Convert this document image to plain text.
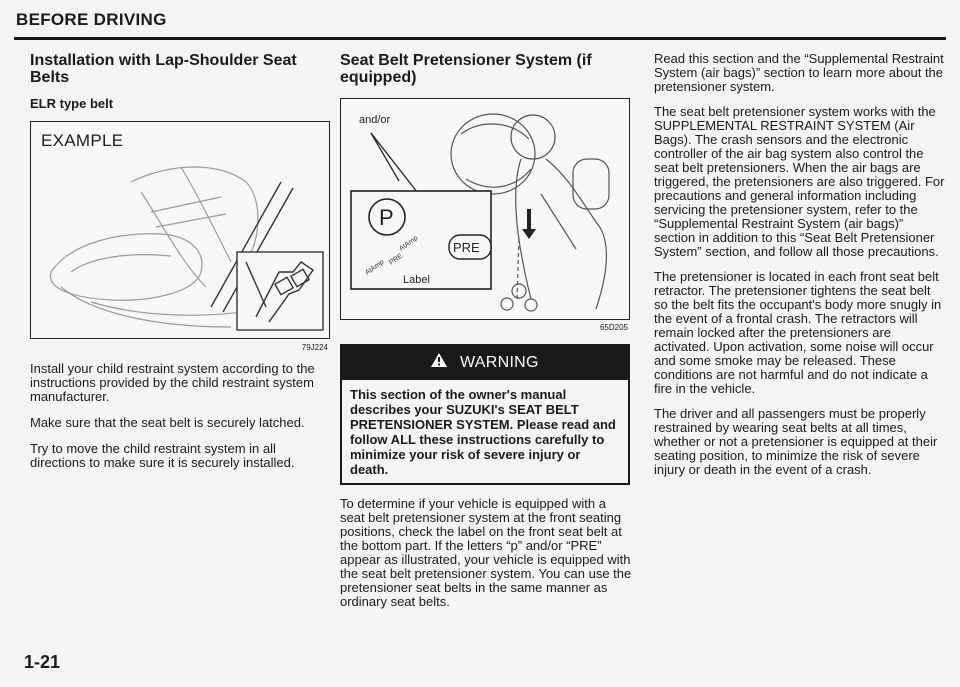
BEFORE DRIVING
Installation with Lap-Shoulder Seat Belts
ELR type belt
EXAMPLE
79J224

Install your child restraint system according to the instructions provided by the child restraint system manufacturer.

Make sure that the seat belt is securely latched.

Try to move the child restraint system in all directions to make sure it is securely installed.

Seat Belt Pretensioner System (if equipped)
and/or
P
PRE
AtAmp
AtAmp
PRE
Label
65D205
WARNING
This section of the owner's manual describes your SUZUKI's SEAT BELT PRETENSIONER SYSTEM. Please read and follow ALL these instructions carefully to minimize your risk of severe injury or death.

To determine if your vehicle is equipped with a seat belt pretensioner system at the front seating positions, check the label on the front seat belt at the bottom part. If the letters “p” and/or “PRE” appear as illustrated, your vehicle is equipped with the seat belt pretensioner system. You can use the pretensioner seat belts in the same manner as ordinary seat belts.

Read this section and the “Supplemental Restraint System (air bags)” section to learn more about the pretensioner system.

The seat belt pretensioner system works with the SUPPLEMENTAL RESTRAINT SYSTEM (Air Bags). The crash sensors and the electronic controller of the air bag system also control the seat belt pretensioners. When the air bags are triggered, the pretensioners are also triggered. For precautions and general information including servicing the pretensioner system, refer to the “Supplemental Restraint System (air bags)” section in addition to this “Seat Belt Pretensioner System” section, and follow all those precautions.

The pretensioner is located in each front seat belt retractor. The pretensioner tightens the seat belt so the belt fits the occupant's body more snugly in the event of a frontal crash. The retractors will remain locked after the pretensioners are activated. Upon activation, some noise will occur and some smoke may be released. These conditions are not harmful and do not indicate a fire in the vehicle.

The driver and all passengers must be properly restrained by wearing seat belts at all times, whether or not a pretensioner is equipped at their seating position, to minimize the risk of severe injury or death in the event of a crash.

1-21
